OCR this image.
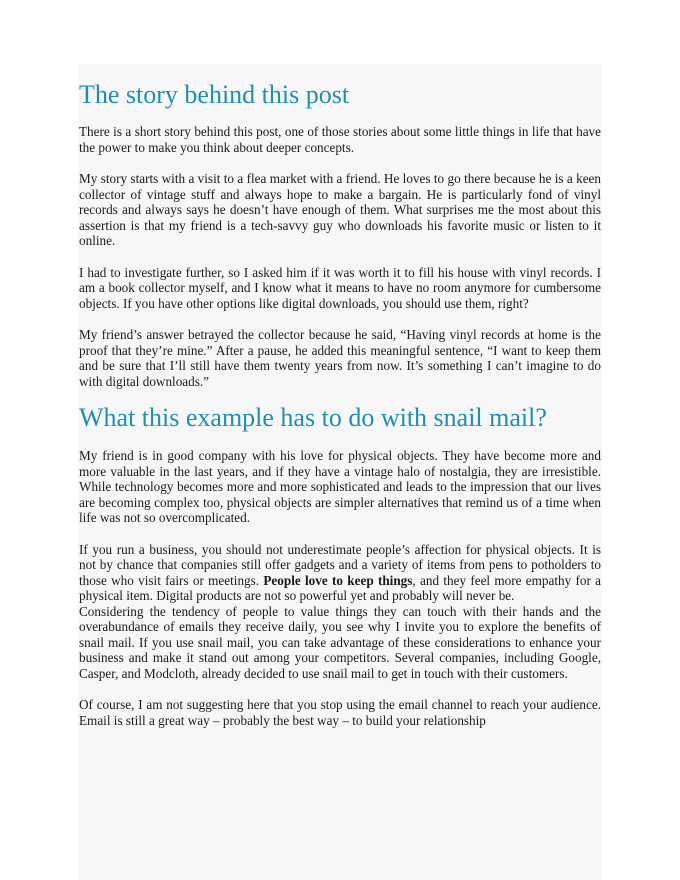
The story behind this post

There is a short story behind this post, one of those stories about some little things in life that have the power to make you think about deeper concepts.

My story starts with a visit to a flea market with a friend. He loves to go there because he is a keen collector of vintage stuff and always hope to make a bargain. He is particularly fond of vinyl records and always says he doesn’t have enough of them. What surprises me the most about this assertion is that my friend is a tech-savvy guy who downloads his favorite music or listen to it online.

I had to investigate further, so I asked him if it was worth it to fill his house with vinyl records. I am a book collector myself, and I know what it means to have no room anymore for cumbersome objects. If you have other options like digital downloads, you should use them, right?

My friend’s answer betrayed the collector because he said, “Having vinyl records at home is the proof that they’re mine.” After a pause, he added this meaningful sentence, “I want to keep them and be sure that I’ll still have them twenty years from now. It’s something I can’t imagine to do with digital downloads.”

What this example has to do with snail mail?

My friend is in good company with his love for physical objects. They have become more and more valuable in the last years, and if they have a vintage halo of nostalgia, they are irresistible. While technology becomes more and more sophisticated and leads to the impression that our lives are becoming complex too, physical objects are simpler alternatives that remind us of a time when life was not so overcomplicated.

If you run a business, you should not underestimate people’s affection for physical objects. It is not by chance that companies still offer gadgets and a variety of items from pens to potholders to those who visit fairs or meetings. People love to keep things, and they feel more empathy for a physical item. Digital products are not so powerful yet and probably will never be.

Considering the tendency of people to value things they can touch with their hands and the overabundance of emails they receive daily, you see why I invite you to explore the benefits of snail mail. If you use snail mail, you can take advantage of these considerations to enhance your business and make it stand out among your competitors. Several companies, including Google, Casper, and Modcloth, already decided to use snail mail to get in touch with their customers.

Of course, I am not suggesting here that you stop using the email channel to reach your audience. Email is still a great way – probably the best way – to build your relationship
